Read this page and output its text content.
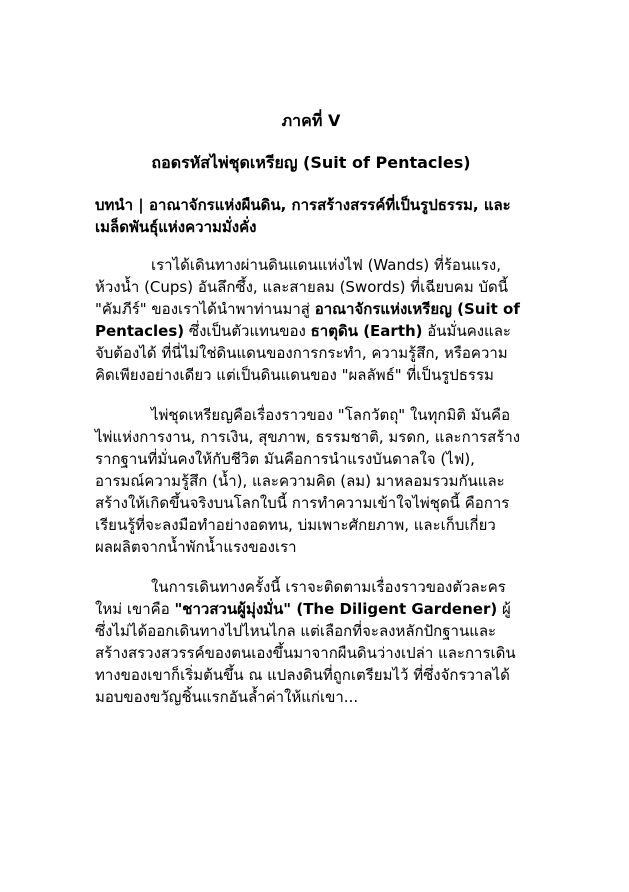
ภาคที่ V
ถอดรหัสไพ่ชุดเหรียญ (Suit of Pentacles)
บทนำ | อาณาจักรแห่งผืนดิน, การสร้างสรรค์ที่เป็นรูปธรรม, และเมล็ดพันธุ์แห่งความมั่งคั่ง

เราได้เดินทางผ่านดินแดนแห่งไฟ (Wands) ที่ร้อนแรง, ห้วงน้ำ (Cups) อันลึกซึ้ง, และสายลม (Swords) ที่เฉียบคม บัดนี้ "คัมภีร์" ของเราได้นำพาท่านมาสู่ อาณาจักรแห่งเหรียญ (Suit of Pentacles) ซึ่งเป็นตัวแทนของ ธาตุดิน (Earth) อันมั่นคงและจับต้องได้ ที่นี่ไม่ใช่ดินแดนของการกระทำ, ความรู้สึก, หรือความคิดเพียงอย่างเดียว แต่เป็นดินแดนของ "ผลลัพธ์" ที่เป็นรูปธรรม

ไพ่ชุดเหรียญคือเรื่องราวของ "โลกวัตถุ" ในทุกมิติ มันคือไพ่แห่งการงาน, การเงิน, สุขภาพ, ธรรมชาติ, มรดก, และการสร้างรากฐานที่มั่นคงให้กับชีวิต มันคือการนำแรงบันดาลใจ (ไฟ), อารมณ์ความรู้สึก (น้ำ), และความคิด (ลม) มาหลอมรวมกันและสร้างให้เกิดขึ้นจริงบนโลกใบนี้ การทำความเข้าใจไพ่ชุดนี้ คือการเรียนรู้ที่จะลงมือทำอย่างอดทน, บ่มเพาะศักยภาพ, และเก็บเกี่ยวผลผลิตจากน้ำพักน้ำแรงของเรา

ในการเดินทางครั้งนี้ เราจะติดตามเรื่องราวของตัวละครใหม่ เขาคือ "ชาวสวนผู้มุ่งมั่น" (The Diligent Gardener) ผู้ซึ่งไม่ได้ออกเดินทางไปไหนไกล แต่เลือกที่จะลงหลักปักฐานและสร้างสรวงสวรรค์ของตนเองขึ้นมาจากผืนดินว่างเปล่า และการเดินทางของเขาก็เริ่มต้นขึ้น ณ แปลงดินที่ถูกเตรียมไว้ ที่ซึ่งจักรวาลได้มอบของขวัญชิ้นแรกอันล้ำค่าให้แก่เขา...
